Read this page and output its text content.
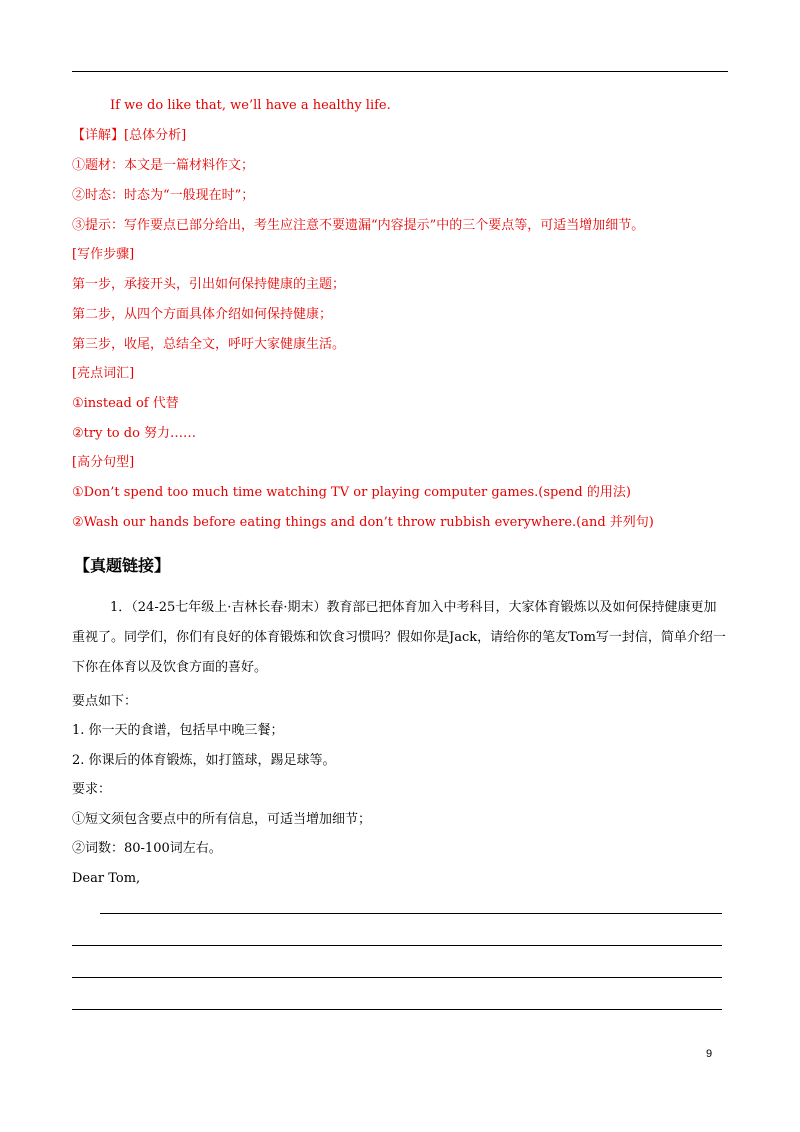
If we do like that, we’ll have a healthy life.
【详解】[总体分析]
①题材：本文是一篇材料作文；
②时态：时态为“一般现在时”；
③提示：写作要点已部分给出，考生应注意不要遗漏“内容提示”中的三个要点等，可适当增加细节。
[写作步骤]
第一步，承接开头，引出如何保持健康的主题；
第二步，从四个方面具体介绍如何保持健康；
第三步，收尾，总结全文，呼吁大家健康生活。
[亮点词汇]
①instead of 代替
②try to do 努力……
[高分句型]
①Don’t spend too much time watching TV or playing computer games.(spend 的用法)
②Wash our hands before eating things and don’t throw rubbish everywhere.(and 并列句)
【真题链接】
1．（24-25七年级上·吉林长春·期末）教育部已把体育加入中考科目，大家体育锻炼以及如何保持健康更加重视了。同学们，你们有良好的体育锻炼和饮食习惯吗？假如你是Jack，请给你的笔友Tom写一封信，简单介绍一下你在体育以及饮食方面的喜好。
要点如下：
1. 你一天的食谱，包括早中晚三餐；
2. 你课后的体育锻炼，如打篮球，踢足球等。
要求：
①短文须包含要点中的所有信息，可适当增加细节；
②词数：80-100词左右。
Dear Tom,
9
